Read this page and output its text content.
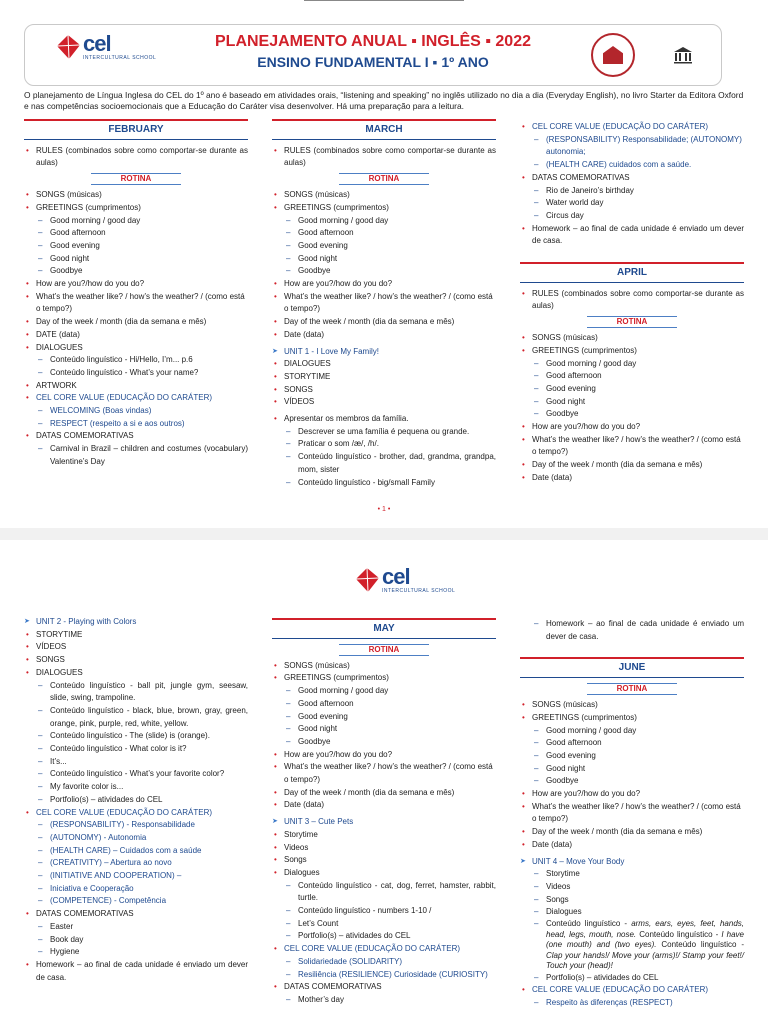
cel
INTERCULTURAL SCHOOL
PLANEJAMENTO ANUAL ▪ INGLÊS ▪ 2022
ENSINO FUNDAMENTAL I ▪ 1º ANO
O planejamento de Língua Inglesa do CEL do 1º ano é baseado em atividades orais, “listening and speaking” no inglês utilizado no dia a dia (Everyday English), no livro Starter da Editora Oxford e nas competências socioemocionais que a Educação do Caráter visa desenvolver. Há uma preparação para a leitura.
FEBRUARY
• RULES (combinados sobre como comportar-se durante as aulas)
ROTINA
• SONGS (músicas)
• GREETINGS (cumprimentos)
– Good morning / good day
– Good afternoon
– Good evening
– Good night
– Goodbye
• How are you?/how do you do?
• What’s the weather like? / how’s the weather? / (como está o tempo?)
• Day of the week / month (dia da semana e mês)
• DATE (data)
• DIALOGUES
– Conteúdo linguístico - Hi/Hello, I’m... p.6
– Conteúdo linguístico - What’s your name?
• ARTWORK
• CEL CORE VALUE (EDUCAÇÃO DO CARÁTER)
– WELCOMING (Boas vindas)
– RESPECT (respeito a si e aos outros)
• DATAS COMEMORATIVAS
– Carnival in Brazil – children and costumes (vocabulary) Valentine’s Day
MARCH
• RULES (combinados sobre como comportar-se durante as aulas)
ROTINA
• SONGS (músicas)
• GREETINGS (cumprimentos)
– Good morning / good day
– Good afternoon
– Good evening
– Good night
– Goodbye
• How are you?/how do you do?
• What’s the weather like? / how’s the weather? / (como está o tempo?)
• Day of the week / month (dia da semana e mês)
• Date (data)
➤ UNIT 1 - I Love My Family!
• DIALOGUES
• STORYTIME
• SONGS
• VÍDEOS
• Apresentar os membros da família.
– Descrever se uma família é pequena ou grande.
– Praticar o som /ӕ/, /h/.
– Conteúdo linguístico - brother, dad, grandma, grandpa, mom, sister
– Conteúdo linguístico - big/small Family
• CEL CORE VALUE (EDUCAÇÃO DO CARÁTER)
– (RESPONSABILITY) Responsabilidade; (AUTONOMY) autonomia;
– (HEALTH CARE) cuidados com a saúde.
• DATAS COMEMORATIVAS
– Rio de Janeiro’s birthday
– Water world day
– Circus day
• Homework – ao final de cada unidade é enviado um dever de casa.
APRIL
• RULES (combinados sobre como comportar-se durante as aulas)
ROTINA
• SONGS (músicas)
• GREETINGS (cumprimentos)
– Good morning / good day
– Good afternoon
– Good evening
– Good night
– Goodbye
• How are you?/how do you do?
• What’s the weather like? / how’s the weather? / (como está o tempo?)
• Day of the week / month (dia da semana e mês)
• Date (data)
• 1 •
cel
INTERCULTURAL SCHOOL
➤ UNIT 2 - Playing with Colors
• STORYTIME
• VÍDEOS
• SONGS
• DIALOGUES
– Conteúdo linguístico - ball pit, jungle gym, seesaw, slide, swing, trampoline.
– Conteúdo linguístico - black, blue, brown, gray, green, orange, pink, purple, red, white, yellow.
– Conteúdo linguístico - The (slide) is (orange).
– Conteúdo linguístico - What color is it?
– It’s...
– Conteúdo linguístico - What’s your favorite color?
– My favorite color is...
– Portfolio(s) – atividades do CEL
• CEL CORE VALUE (EDUCAÇÃO DO CARÁTER)
– (RESPONSABILITY) - Responsabilidade
– (AUTONOMY) - Autonomia
– (HEALTH CARE) – Cuidados com a saúde
– (CREATIVITY) – Abertura ao novo
– (INITIATIVE AND COOPERATION) –
– Iniciativa e Cooperação
– (COMPETENCE) - Competência
• DATAS COMEMORATIVAS
– Easter
– Book day
– Hygiene
• Homework – ao final de cada unidade é enviado um dever de casa.
MAY
ROTINA
• SONGS (músicas)
• GREETINGS (cumprimentos)
– Good morning / good day
– Good afternoon
– Good evening
– Good night
– Goodbye
• How are you?/how do you do?
• What’s the weather like? / how’s the weather? / (como está o tempo?)
• Day of the week / month (dia da semana e mês)
• Date (data)
➤ UNIT 3 – Cute Pets
• Storytime
• Videos
• Songs
• Dialogues
– Conteúdo linguístico - cat, dog, ferret, hamster, rabbit, turtle.
– Conteúdo linguístico - numbers 1-10 /
– Let’s Count
– Portfolio(s) – atividades do CEL
• CEL CORE VALUE (EDUCAÇÃO DO CARÁTER)
– Solidariedade (SOLIDARITY)
– Resiliência (RESILIENCE) Curiosidade (CURIOSITY)
• DATAS COMEMORATIVAS
– Mother’s day
– Homework – ao final de cada unidade é enviado um dever de casa.
JUNE
ROTINA
• SONGS (músicas)
• GREETINGS (cumprimentos)
– Good morning / good day
– Good afternoon
– Good evening
– Good night
– Goodbye
• How are you?/how do you do?
• What’s the weather like? / how’s the weather? / (como está o tempo?)
• Day of the week / month (dia da semana e mês)
• Date (data)
➤ UNIT 4 – Move Your Body
– Storytime
– Videos
– Songs
– Dialogues
– Conteúdo linguístico - arms, ears, eyes, feet, hands, head, legs, mouth, nose. Conteúdo linguístico - I have (one mouth) and (two eyes). Conteúdo linguístico - Clap your hands!/ Move your (arms)!/ Stamp your feet!/ Touch your (head)!
– Portfolio(s) – atividades do CEL
• CEL CORE VALUE (EDUCAÇÃO DO CARÁTER)
– Respeito às diferenças (RESPECT)
